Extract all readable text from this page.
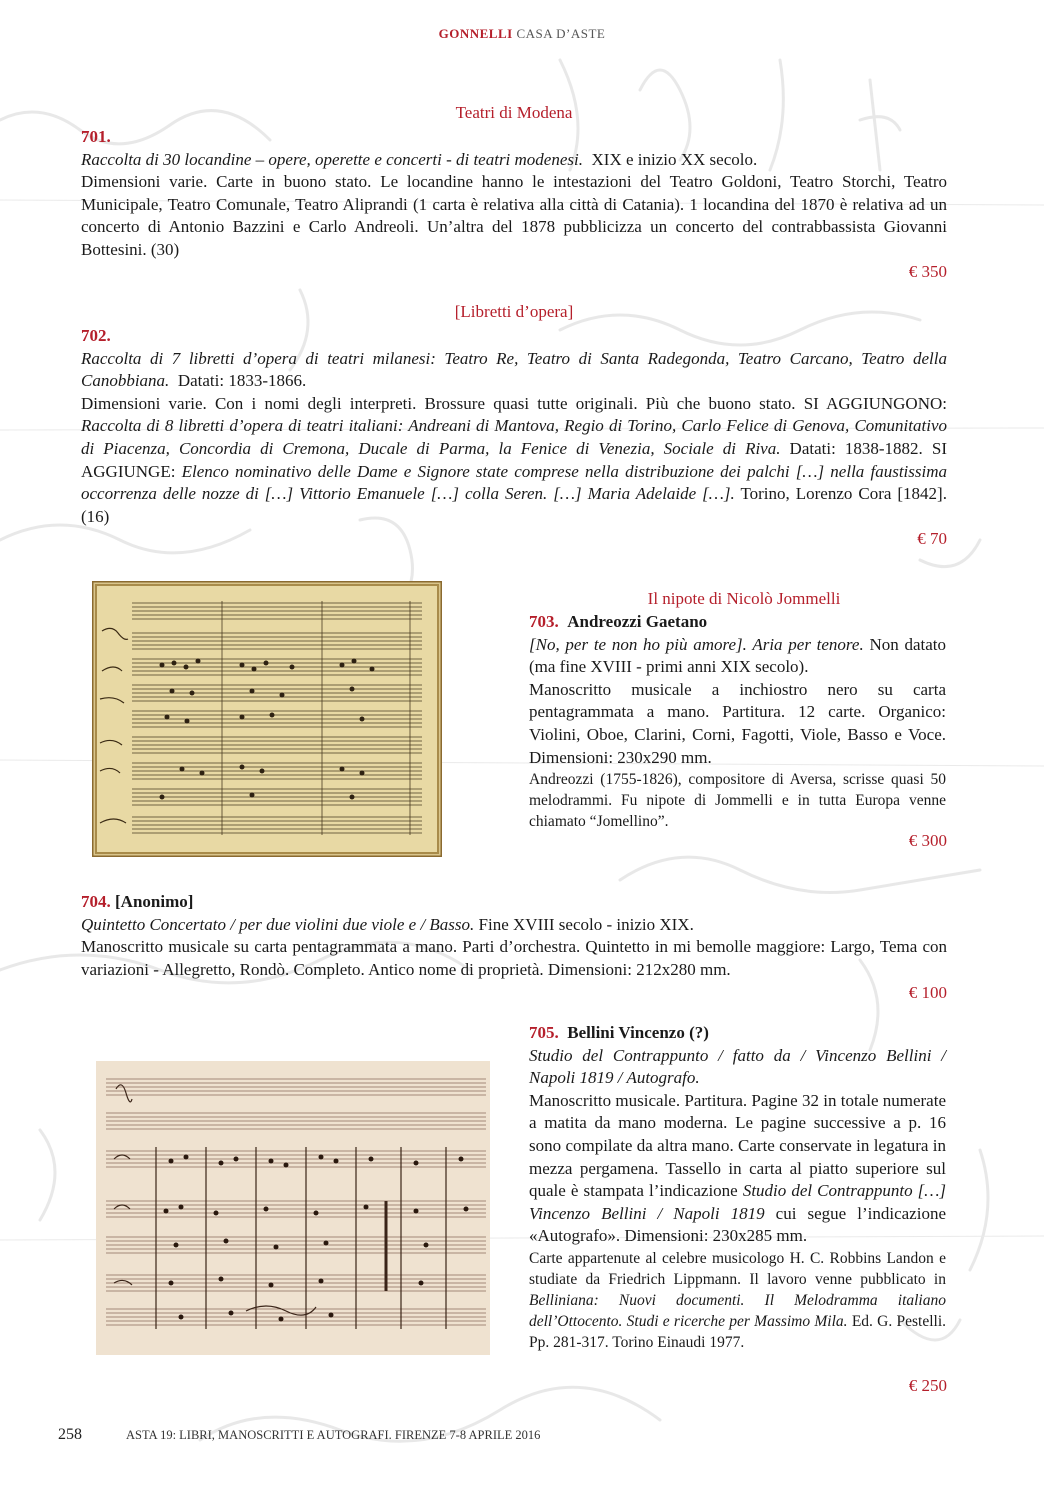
GONNELLI CASA D’ASTE
Teatri di Modena

701.

Raccolta di 30 locandine – opere, operette e concerti - di teatri modenesi. XIX e inizio XX secolo.

Dimensioni varie. Carte in buono stato. Le locandine hanno le intestazioni del Teatro Goldoni, Teatro Storchi, Teatro Municipale, Teatro Comunale, Teatro Aliprandi (1 carta è relativa alla città di Catania). 1 locandina del 1870 è relativa ad un concerto di Antonio Bazzini e Carlo Andreoli. Un’altra del 1878 pubblicizza un concerto del contrabbassista Giovanni Bottesini. (30)

€ 350
[Libretti d’opera]

702.

Raccolta di 7 libretti d’opera di teatri milanesi: Teatro Re, Teatro di Santa Radegonda, Teatro Carcano, Teatro della Canobbiana. Datati: 1833-1866.

Dimensioni varie. Con i nomi degli interpreti. Brossure quasi tutte originali. Più che buono stato. SI AGGIUNGONO: Raccolta di 8 libretti d’opera di teatri italiani: Andreani di Mantova, Regio di Torino, Carlo Felice di Genova, Comunitativo di Piacenza, Concordia di Cremona, Ducale di Parma, la Fenice di Venezia, Sociale di Riva. Datati: 1838-1882. SI AGGIUNGE: Elenco nominativo delle Dame e Signore state comprese nella distribuzione dei palchi […] nella faustissima occorrenza delle nozze di […] Vittorio Emanuele […] colla Seren. […] Maria Adelaide […]. Torino, Lorenzo Cora [1842]. (16)

€ 70
Il nipote di Nicolò Jommelli

703. Andreozzi Gaetano

[No, per te non ho più amore]. Aria per tenore. Non datato (ma fine XVIII - primi anni XIX secolo).

Manoscritto musicale a inchiostro nero su carta pentagrammata a mano. Partitura. 12 carte. Organico: Violini, Oboe, Clarini, Corni, Fagotti, Viole, Basso e Voce. Dimensioni: 230x290 mm.

Andreozzi (1755-1826), compositore di Aversa, scrisse quasi 50 melodrammi. Fu nipote di Jommelli e in tutta Europa venne chiamato “Jomellino”.

€ 300

704. [Anonimo]

Quintetto Concertato / per due violini due viole e / Basso. Fine XVIII secolo - inizio XIX.

Manoscritto musicale su carta pentagrammata a mano. Parti d’orchestra. Quintetto in mi bemolle maggiore: Largo, Tema con variazioni - Allegretto, Rondò. Completo. Antico nome di proprietà. Dimensioni: 212x280 mm.

€ 100

705. Bellini Vincenzo (?)

Studio del Contrappunto / fatto da / Vincenzo Bellini / Napoli 1819 / Autografo.

Manoscritto musicale. Partitura. Pagine 32 in totale numerate a matita da mano moderna. Le pagine successive a p. 16 sono compilate da altra mano. Carte conservate in legatura in mezza pergamena. Tassello in carta al piatto superiore sul quale è stampata l’indicazione Studio del Contrappunto […] Vincenzo Bellini / Napoli 1819 cui segue l’indicazione «Autografo». Dimensioni: 230x285 mm.

Carte appartenute al celebre musicologo H. C. Robbins Landon e studiate da Friedrich Lippmann. Il lavoro venne pubblicato in Belliniana: Nuovi documenti. Il Melodramma italiano dell’Ottocento. Studi e ricerche per Massimo Mila. Ed. G. Pestelli. Pp. 281-317. Torino Einaudi 1977.

€ 250
258	ASTA 19: LIBRI, MANOSCRITTI E AUTOGRAFI. FIRENZE 7-8 APRILE 2016
